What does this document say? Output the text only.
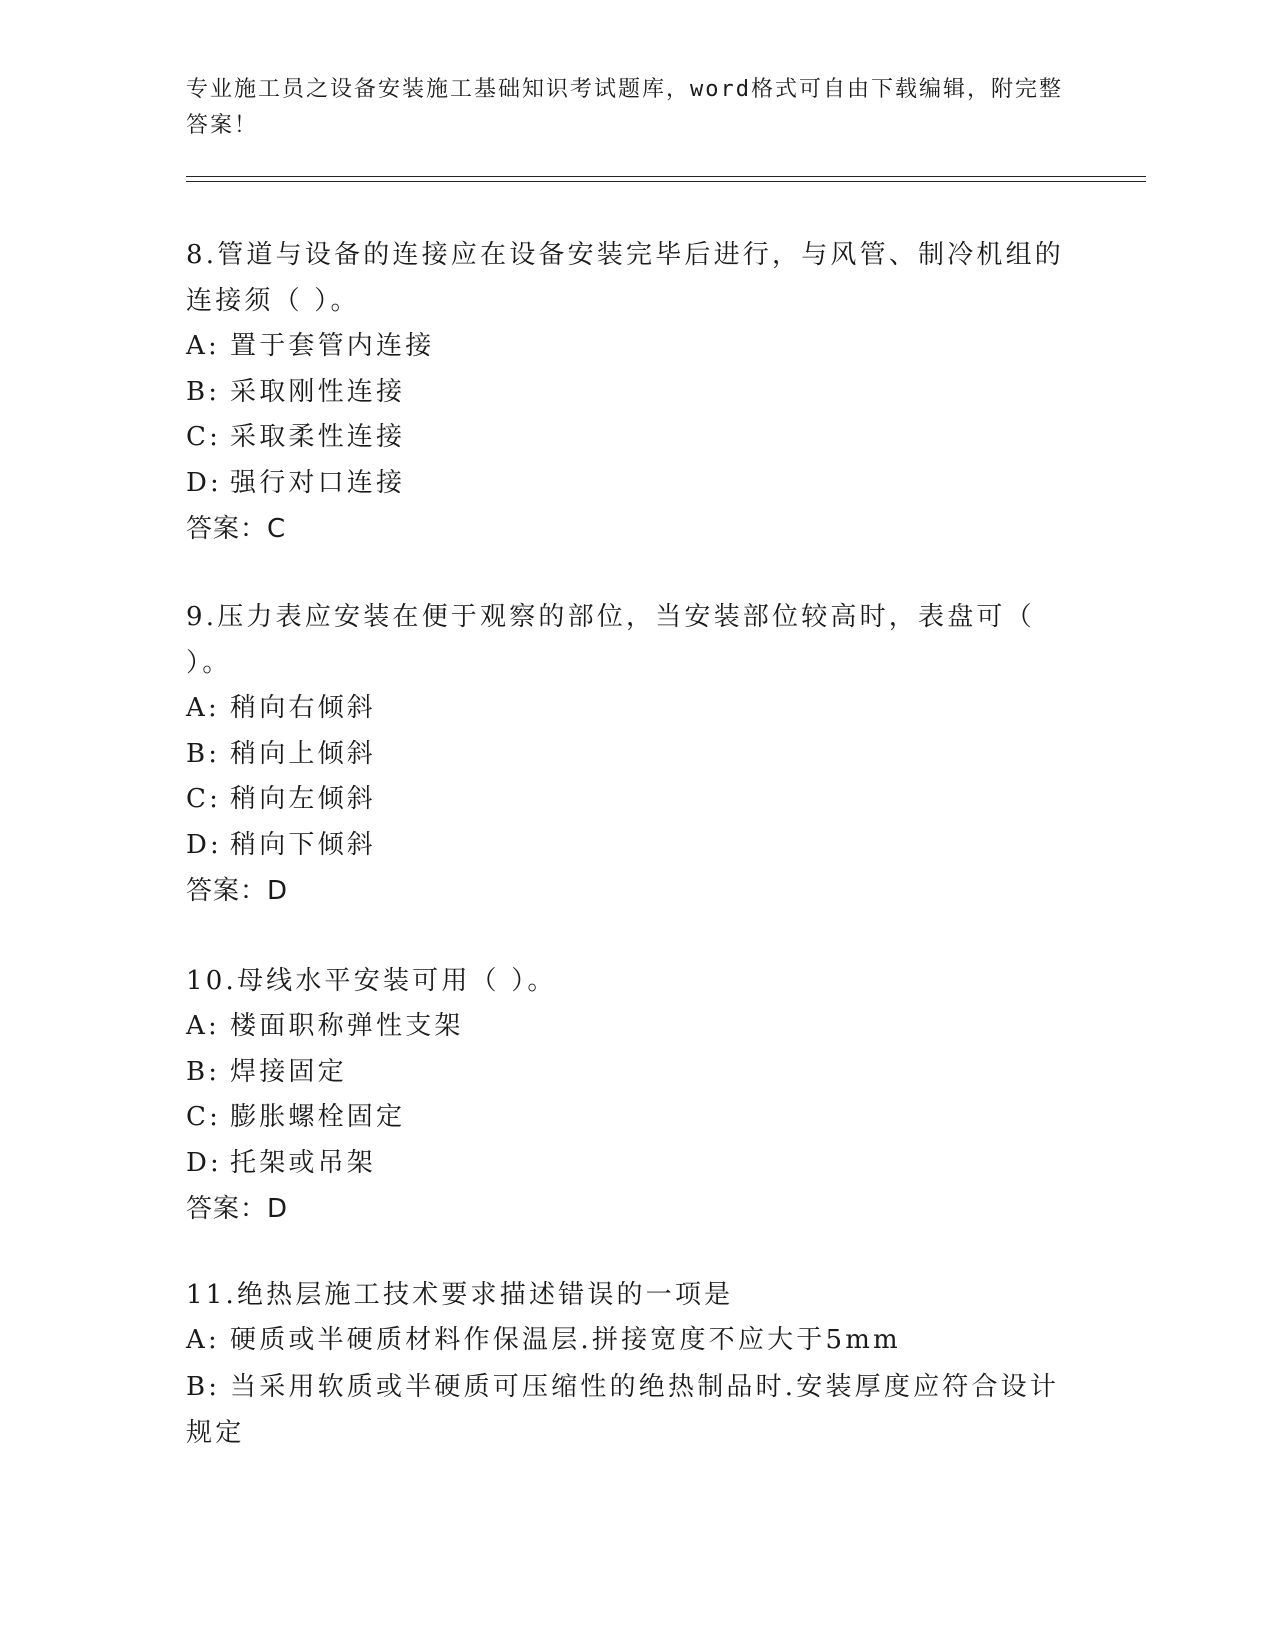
专业施工员之设备安装施工基础知识考试题库，word格式可自由下载编辑，附完整答案！

8.管道与设备的连接应在设备安装完毕后进行，与风管、制冷机组的连接须（ ）。

A: 置于套管内连接

B: 采取刚性连接

C: 采取柔性连接

D: 强行对口连接

答案：C

9.压力表应安装在便于观察的部位，当安装部位较高时，表盘可（ ）。

A: 稍向右倾斜

B: 稍向上倾斜

C: 稍向左倾斜

D: 稍向下倾斜

答案：D

10.母线水平安装可用（ ）。

A: 楼面职称弹性支架

B: 焊接固定

C: 膨胀螺栓固定

D: 托架或吊架

答案：D

11.绝热层施工技术要求描述错误的一项是

A: 硬质或半硬质材料作保温层.拼接宽度不应大于5mm

B: 当采用软质或半硬质可压缩性的绝热制品时.安装厚度应符合设计规定
